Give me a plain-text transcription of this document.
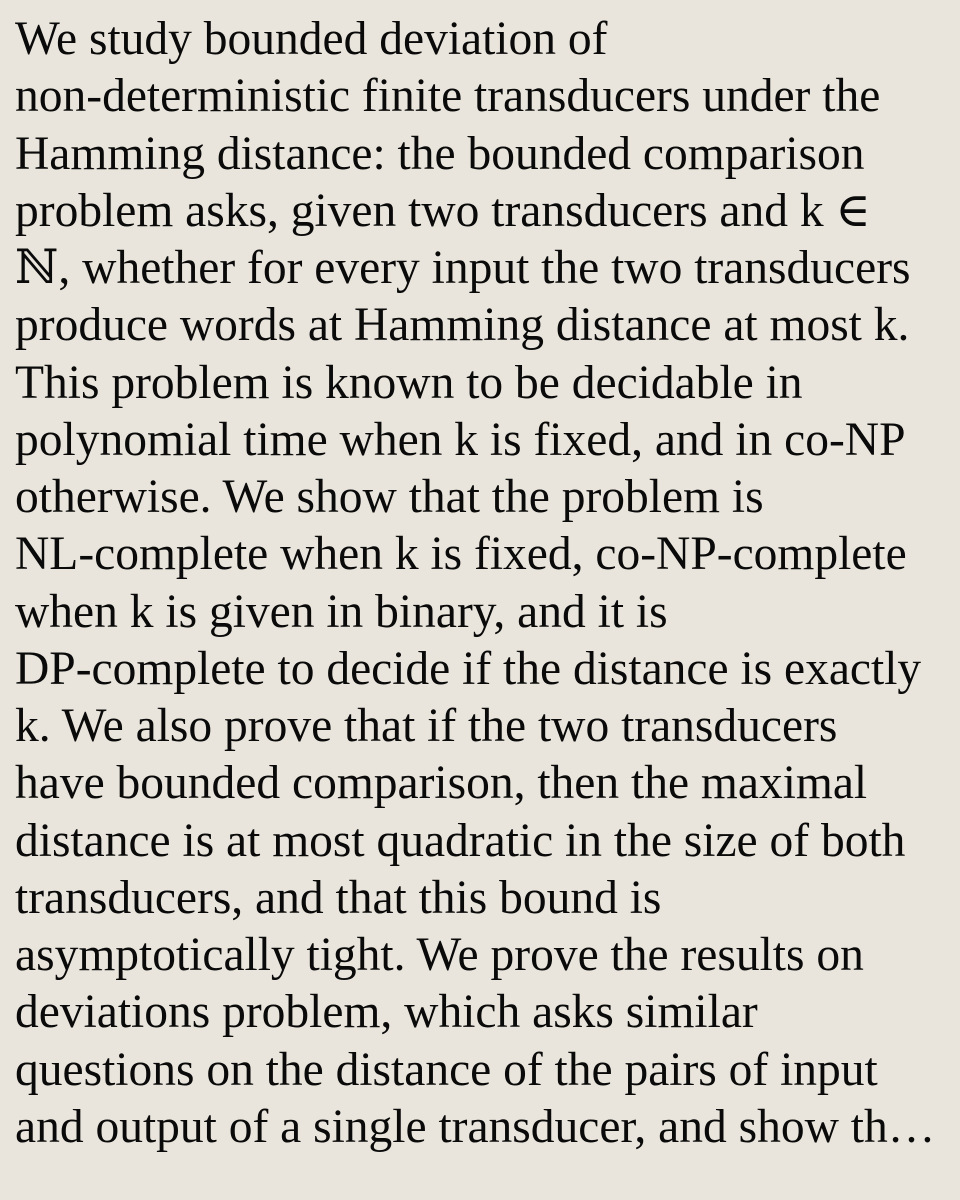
We study bounded deviation of
non-deterministic finite transducers under the
Hamming distance: the bounded comparison
problem asks, given two transducers and k ∈
ℕ, whether for every input the two transducers
produce words at Hamming distance at most k.
This problem is known to be decidable in
polynomial time when k is fixed, and in co-NP
otherwise. We show that the problem is
NL-complete when k is fixed, co-NP-complete
when k is given in binary, and it is
DP-complete to decide if the distance is exactly
k. We also prove that if the two transducers
have bounded comparison, then the maximal
distance is at most quadratic in the size of both
transducers, and that this bound is
asymptotically tight. We prove the results on
deviations problem, which asks similar
questions on the distance of the pairs of input
and output of a single transducer, and show th…
